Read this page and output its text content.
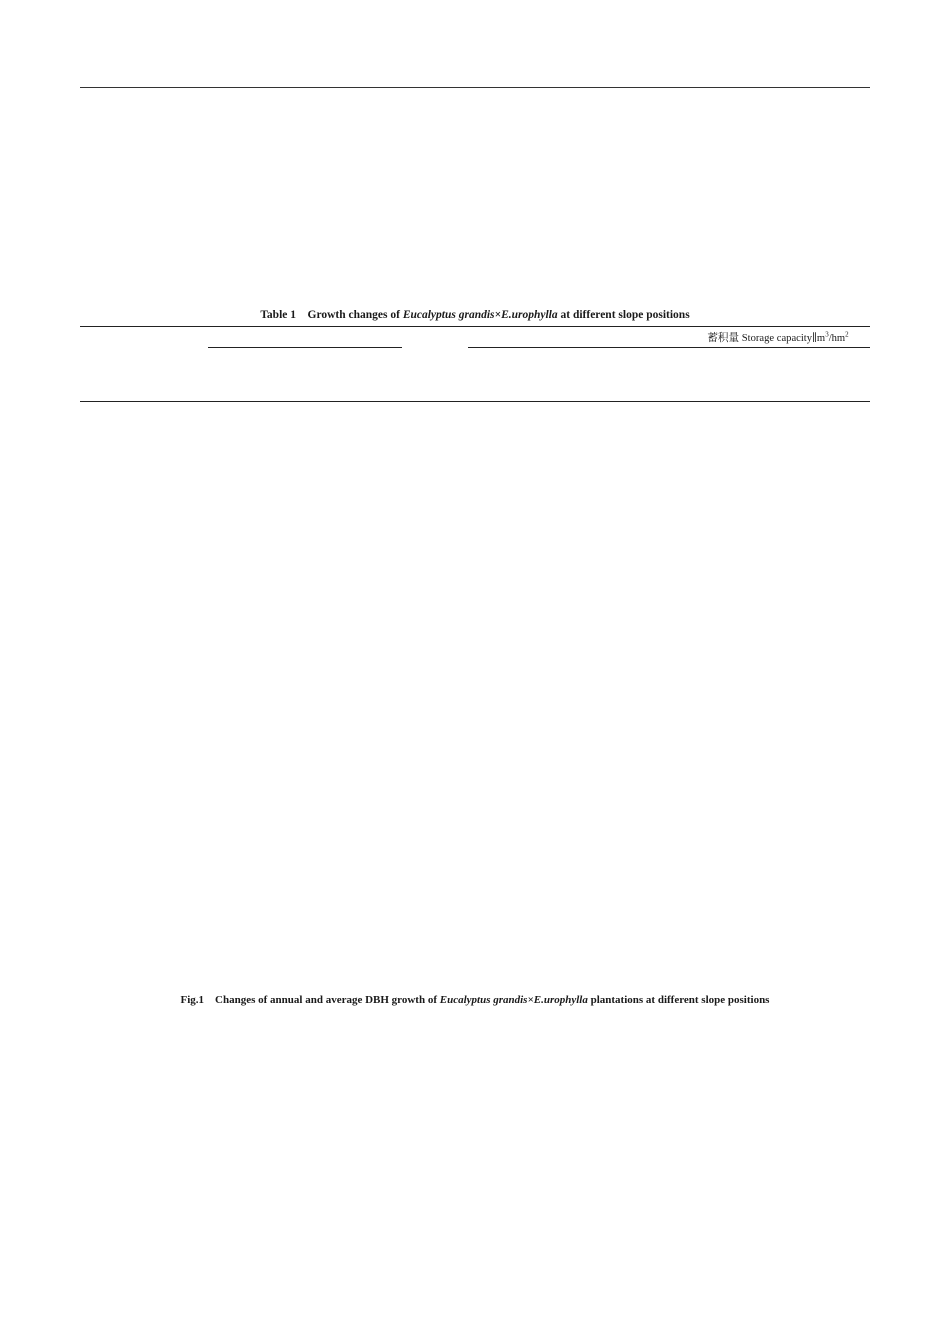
Table 1　Growth changes of Eucalyptus grandis×E.urophylla at different slope positions
					蓄积量 Storage $capacity\parallel m^3/hm^2$

Fig.1　Changes of annual and average DBH growth of Eucalyptus grandis×E.urophylla plantations at different slope positions
